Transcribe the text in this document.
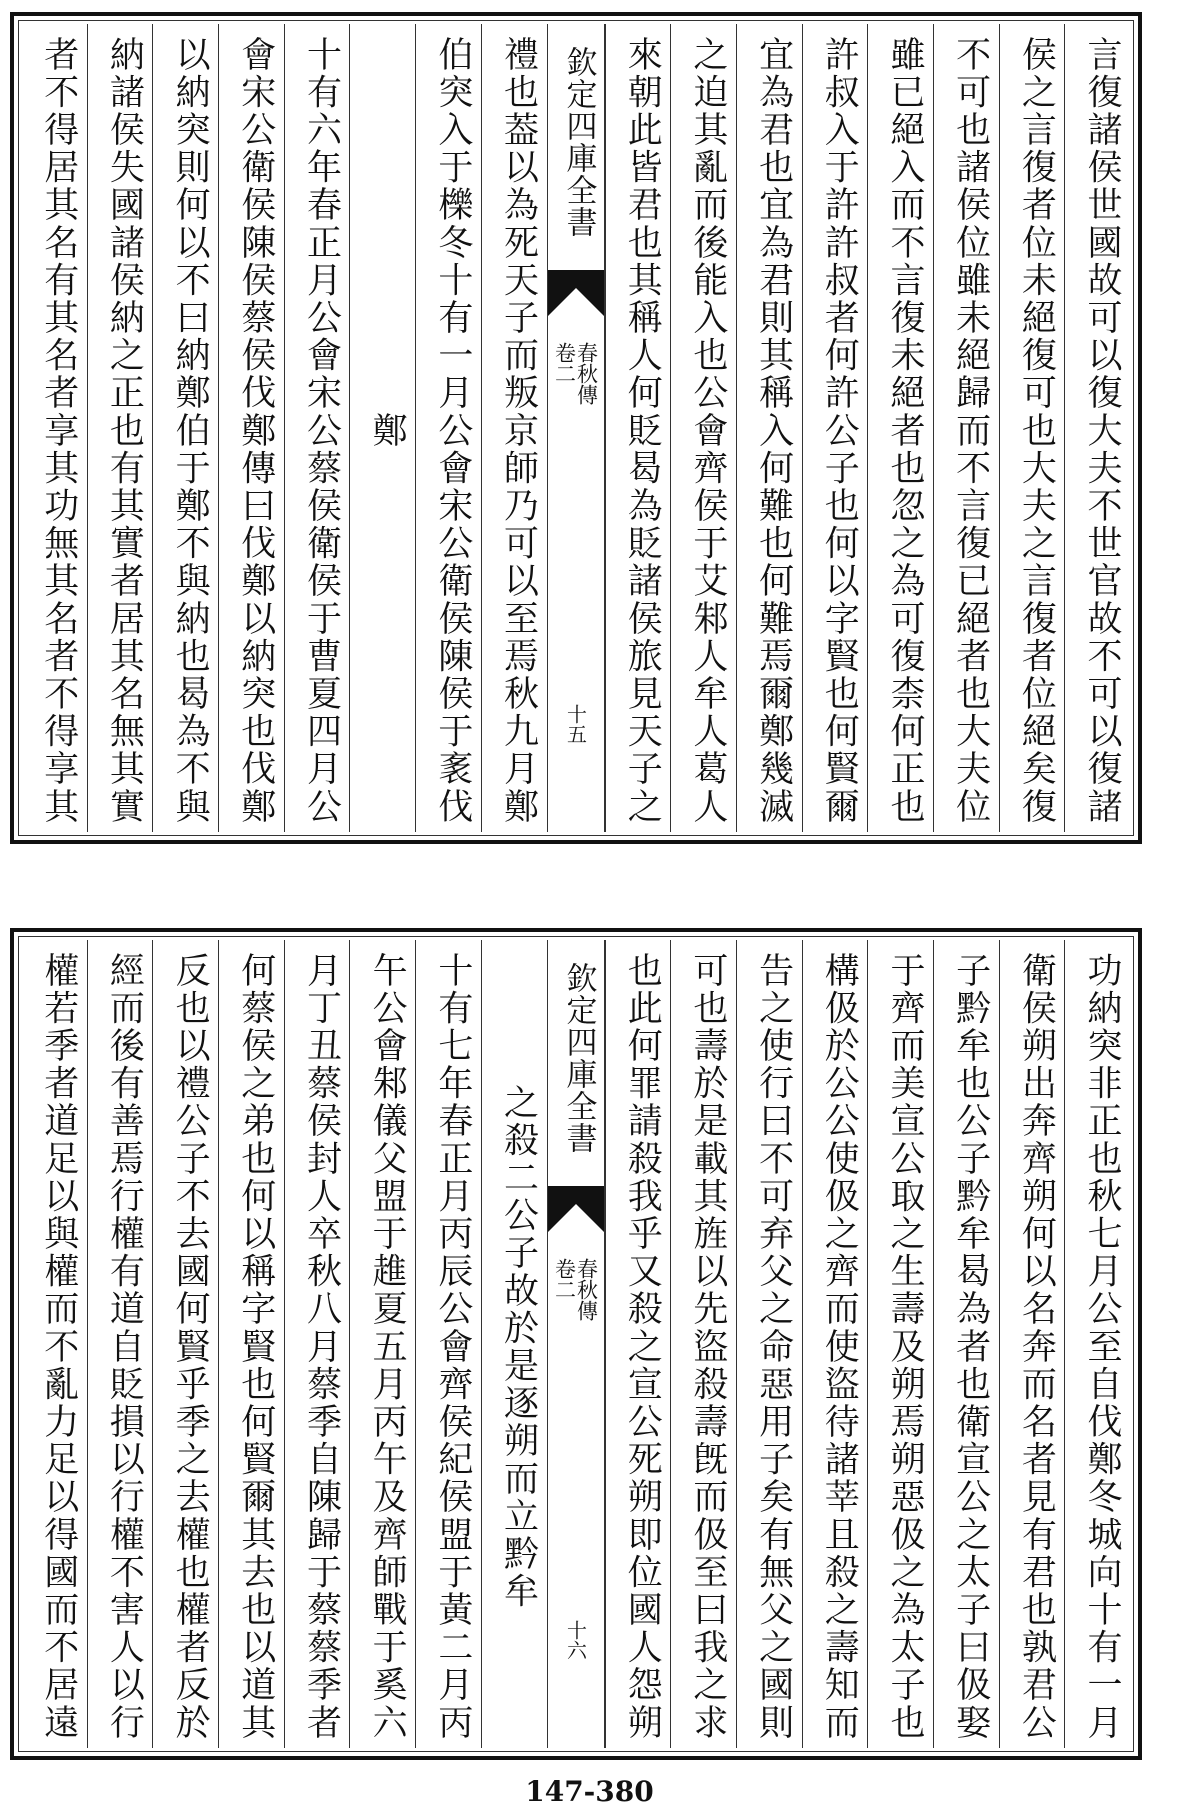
言復諸侯世國故可以復大夫不世官故不可以復諸
侯之言復者位未絕復可也大夫之言復者位絕矣復
不可也諸侯位雖未絕歸而不言復已絕者也大夫位
雖已絕入而不言復未絕者也忽之為可復柰何正也
許叔入于許許叔者何許公子也何以字賢也何賢爾
宜為君也宜為君則其稱入何難也何難焉爾鄭幾滅
之迫其亂而後能入也公會齊侯于艾邾人牟人葛人
來朝此皆君也其稱人何貶曷為貶諸侯旅見天子之
欽定四庫全書
春秋傳
卷二
十五
禮也葢以為死天子而叛京師乃可以至焉秋九月鄭
伯突入于櫟冬十有一月公會宋公衛侯陳侯于袲伐
鄭
十有六年春正月公會宋公蔡侯衛侯于曹夏四月公
會宋公衛侯陳侯蔡侯伐鄭傳曰伐鄭以納突也伐鄭
以納突則何以不曰納鄭伯于鄭不與納也曷為不與
納諸侯失國諸侯納之正也有其實者居其名無其實
者不得居其名有其名者享其功無其名者不得享其
功納突非正也秋七月公至自伐鄭冬城向十有一月
衛侯朔出奔齊朔何以名奔而名者見有君也孰君公
子黔牟也公子黔牟曷為者也衛宣公之太子曰伋娶
于齊而美宣公取之生壽及朔焉朔惡伋之為太子也
構伋於公公使伋之齊而使盜待諸莘且殺之壽知而
告之使行曰不可弃父之命惡用子矣有無父之國則
可也壽於是載其旌以先盜殺壽旣而伋至曰我之求
也此何罪請殺我乎又殺之宣公死朔即位國人怨朔
欽定四庫全書
春秋傳
卷二
十六
之殺二公子故於是逐朔而立黔牟
十有七年春正月丙辰公會齊侯紀侯盟于黃二月丙
午公會邾儀父盟于趡夏五月丙午及齊師戰于奚六
月丁丑蔡侯封人卒秋八月蔡季自陳歸于蔡蔡季者
何蔡侯之弟也何以稱字賢也何賢爾其去也以道其
反也以禮公子不去國何賢乎季之去權也權者反於
經而後有善焉行權有道自貶損以行權不害人以行
權若季者道足以與權而不亂力足以得國而不居遠
147-380
